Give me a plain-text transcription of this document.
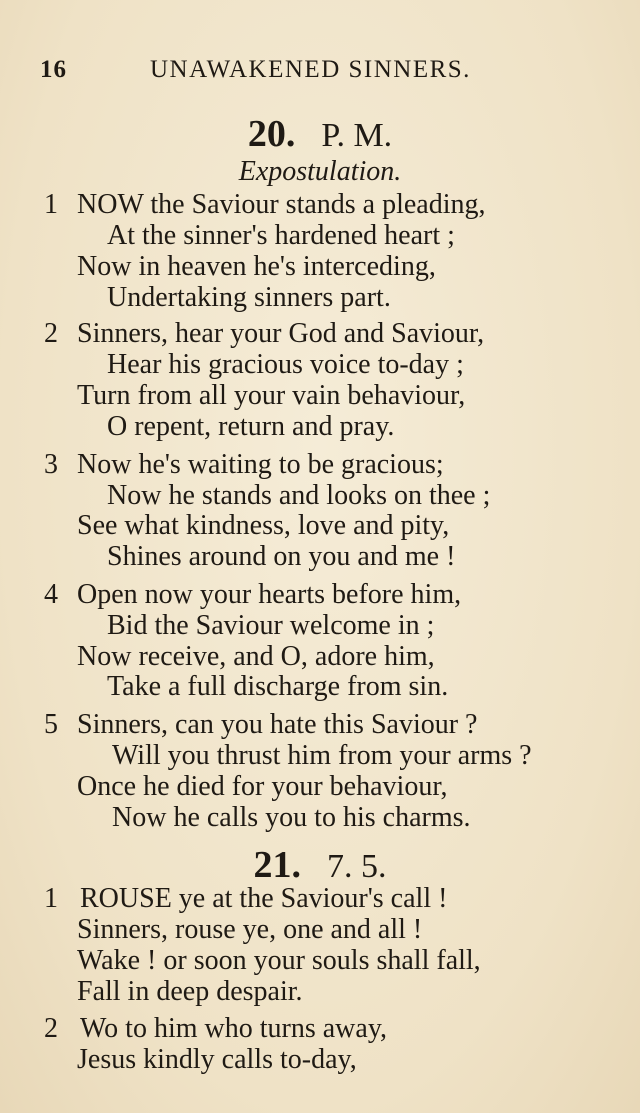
16	UNAWAKENED SINNERS.
20. P. M.
Expostulation.
1 NOW the Saviour stands a pleading,
At the sinner's hardened heart ;
Now in heaven he's interceding,
Undertaking sinners part.
2 Sinners, hear your God and Saviour,
Hear his gracious voice to-day ;
Turn from all your vain behaviour,
O repent, return and pray.
3 Now he's waiting to be gracious;
Now he stands and looks on thee ;
See what kindness, love and pity,
Shines around on you and me !
4 Open now your hearts before him,
Bid the Saviour welcome in ;
Now receive, and O, adore him,
Take a full discharge from sin.
5 Sinners, can you hate this Saviour ?
Will you thrust him from your arms ?
Once he died for your behaviour,
Now he calls you to his charms.
21. 7. 5.
1 ROUSE ye at the Saviour's call !
Sinners, rouse ye, one and all !
Wake ! or soon your souls shall fall,
Fall in deep despair.
2 Wo to him who turns away,
Jesus kindly calls to-day,
